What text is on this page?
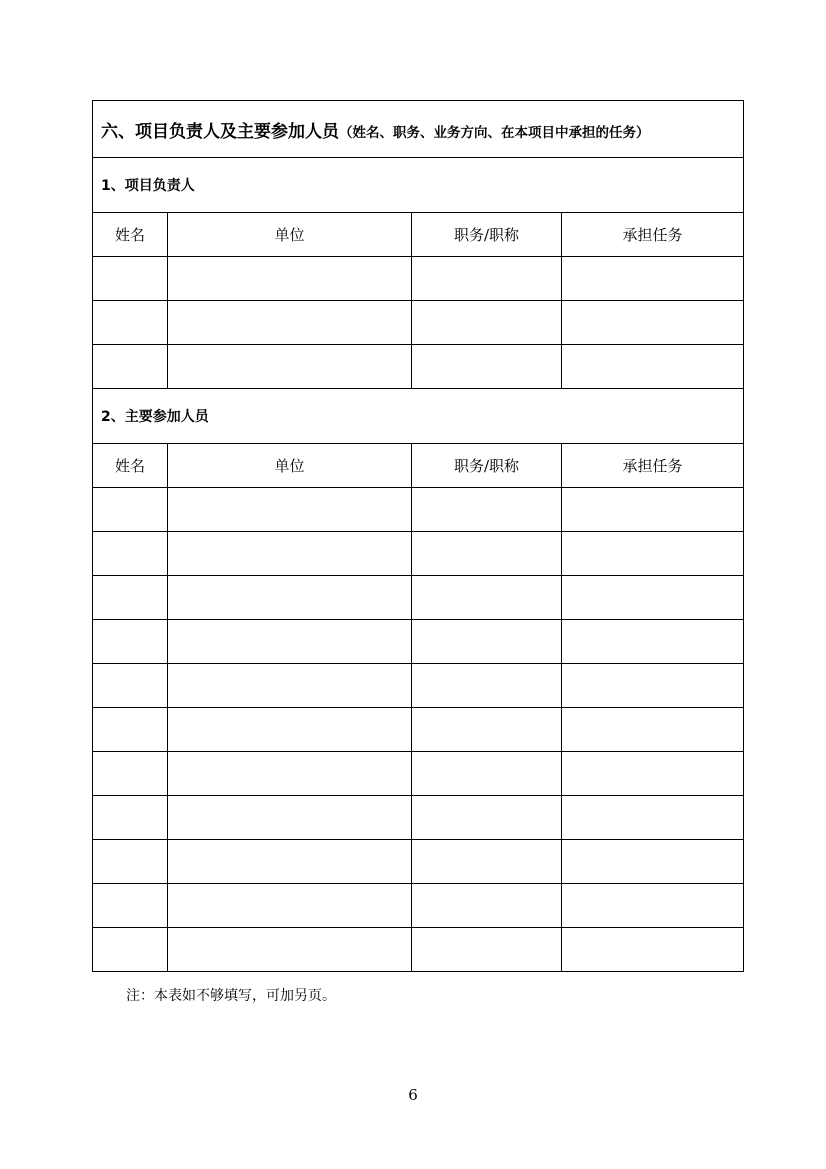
六、项目负责人及主要参加人员（姓名、职务、业务方向、在本项目中承担的任务）			
1、项目负责人			
姓名	单位	职务/职称	承担任务

2、主要参加人员			
姓名	单位	职务/职称	承担任务

注：本表如不够填写，可加另页。
6
